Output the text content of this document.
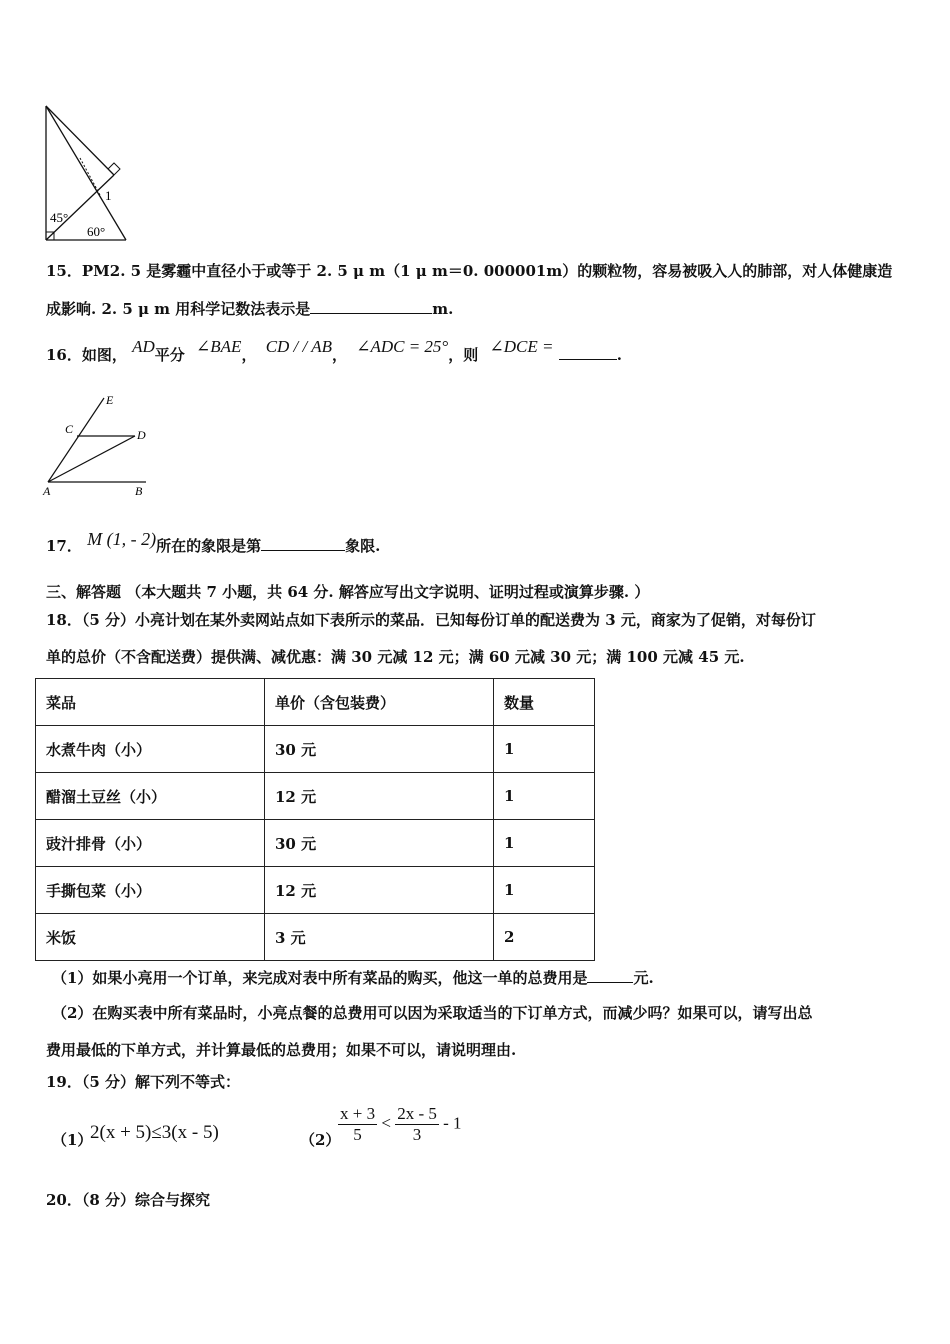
45°
60°
1
15．PM2. 5 是雾霾中直径小于或等于 2. 5 μ m（1 μ m＝0. 000001m）的颗粒物，容易被吸入人的肺部，对人体健康造
成影响. 2. 5 μ m 用科学记数法表示是	m.
16．如图， AD平分 ∠BAE， CD / / AB， ∠ADC = 25°，则 ∠DCE =	.
E
C	D
A	B
17． M (1, - 2)所在的象限是第	象限.
三、解答题 （本大题共 7 小题，共 64 分. 解答应写出文字说明、证明过程或演算步骤. ）
18．（5 分）小亮计划在某外卖网站点如下表所示的菜品．已知每份订单的配送费为 3 元，商家为了促销，对每份订
单的总价（不含配送费）提供满、减优惠：满 30 元减 12 元；满 60 元减 30 元；满 100 元减 45 元.
菜品	单价（含包装费）	数量
水煮牛肉（小）	30 元	1
醋溜土豆丝（小）	12 元	1
豉汁排骨（小）	30 元	1
手撕包菜（小）	12 元	1
米饭	3 元	2
（1）如果小亮用一个订单，来完成对表中所有菜品的购买，他这一单的总费用是	元.
（2）在购买表中所有菜品时，小亮点餐的总费用可以因为采取适当的下订单方式，而减少吗？如果可以，请写出总
费用最低的下单方式，并计算最低的总费用；如果不可以，请说明理由.
19．（5 分）解下列不等式：
（1）
2(x + 5)≤3(x - 5)	（2）
$\frac{x + 3}{5} < \frac{2x - 5}{3} - 1$
20．（8 分）综合与探究
